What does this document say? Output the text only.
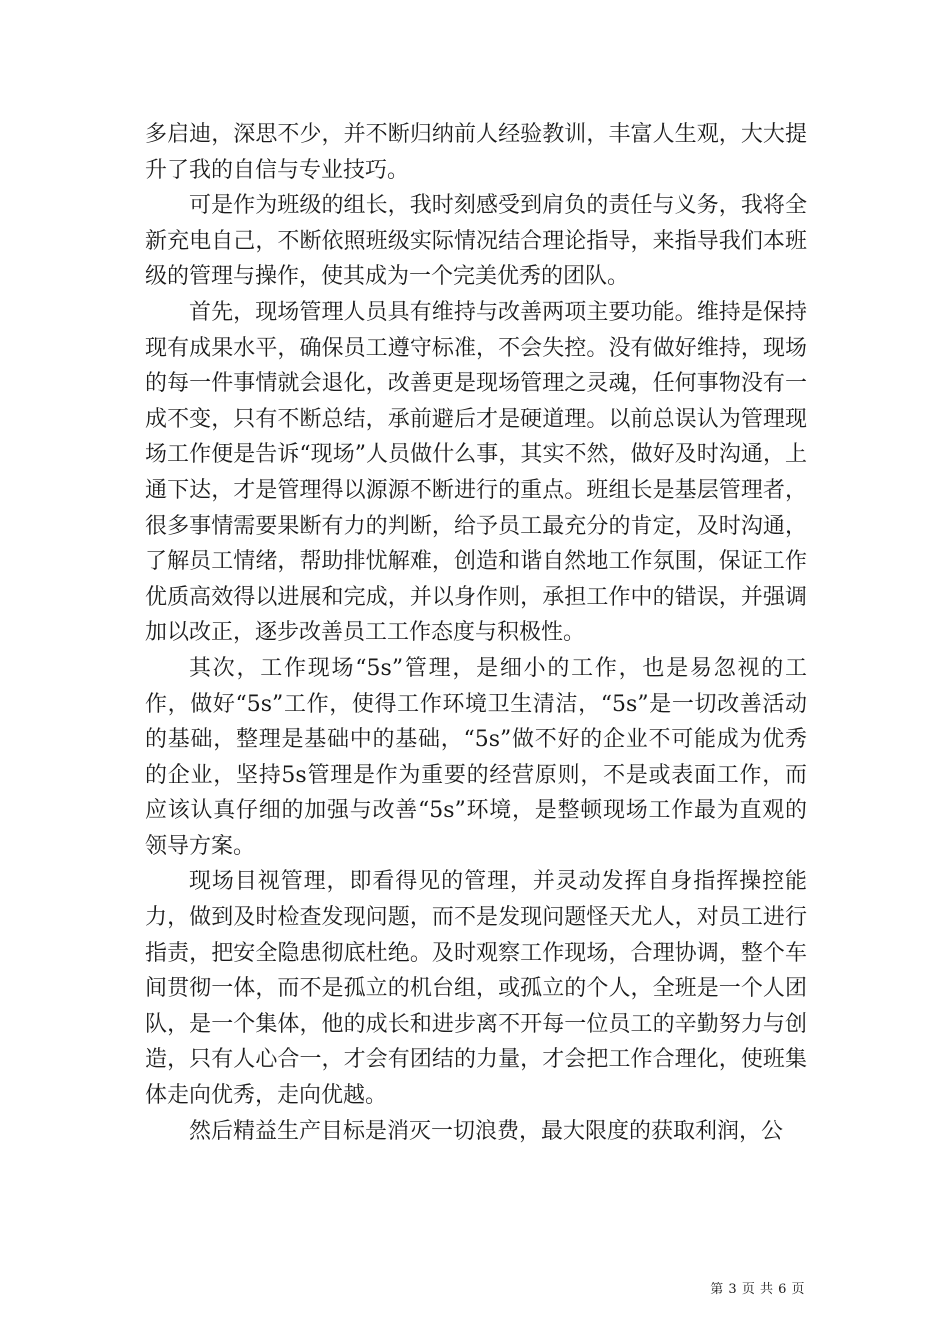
多启迪，深思不少，并不断归纳前人经验教训，丰富人生观，大大提升了我的自信与专业技巧。

可是作为班级的组长，我时刻感受到肩负的责任与义务，我将全新充电自己，不断依照班级实际情况结合理论指导，来指导我们本班级的管理与操作，使其成为一个完美优秀的团队。

首先，现场管理人员具有维持与改善两项主要功能。维持是保持现有成果水平，确保员工遵守标准，不会失控。没有做好维持，现场的每一件事情就会退化，改善更是现场管理之灵魂，任何事物没有一成不变，只有不断总结，承前避后才是硬道理。以前总误认为管理现场工作便是告诉“现场”人员做什么事，其实不然，做好及时沟通，上通下达，才是管理得以源源不断进行的重点。班组长是基层管理者，很多事情需要果断有力的判断，给予员工最充分的肯定，及时沟通，了解员工情绪，帮助排忧解难，创造和谐自然地工作氛围，保证工作优质高效得以进展和完成，并以身作则，承担工作中的错误，并强调加以改正，逐步改善员工工作态度与积极性。

其次，工作现场“5s”管理，是细小的工作，也是易忽视的工作，做好“5s”工作，使得工作环境卫生清洁，“5s”是一切改善活动的基础，整理是基础中的基础，“5s”做不好的企业不可能成为优秀的企业，坚持5s管理是作为重要的经营原则，不是或表面工作，而应该认真仔细的加强与改善“5s”环境，是整顿现场工作最为直观的领导方案。

现场目视管理，即看得见的管理，并灵动发挥自身指挥操控能力，做到及时检查发现问题，而不是发现问题怪天尤人，对员工进行指责，把安全隐患彻底杜绝。及时观察工作现场，合理协调，整个车间贯彻一体，而不是孤立的机台组，或孤立的个人，全班是一个人团队，是一个集体，他的成长和进步离不开每一位员工的辛勤努力与创造，只有人心合一，才会有团结的力量，才会把工作合理化，使班集体走向优秀，走向优越。

然后精益生产目标是消灭一切浪费，最大限度的获取利润，公

第 3 页 共 6 页
